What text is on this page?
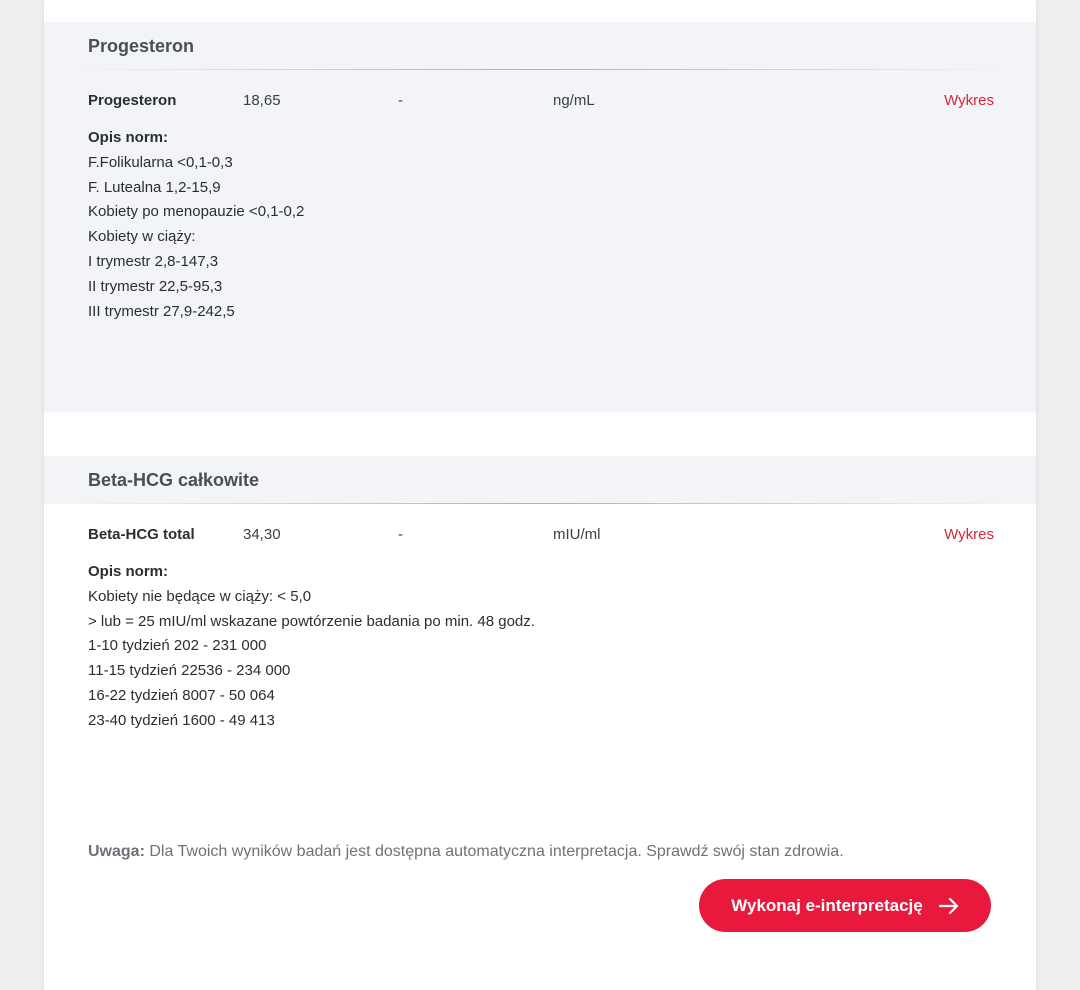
Progesteron
Progesteron	18,65	-	ng/mL	Wykres
Opis norm:
F.Folikularna <0,1-0,3
F. Lutealna 1,2-15,9
Kobiety po menopauzie <0,1-0,2
Kobiety w ciąży:
I trymestr 2,8-147,3
II trymestr 22,5-95,3
III trymestr 27,9-242,5
Beta-HCG całkowite
Beta-HCG total	34,30	-	mIU/ml	Wykres
Opis norm:
Kobiety nie będące w ciąży: < 5,0
> lub = 25 mIU/ml wskazane powtórzenie badania po min. 48 godz.
1-10 tydzień 202 - 231 000
11-15 tydzień 22536 - 234 000
16-22 tydzień 8007 - 50 064
23-40 tydzień 1600 - 49 413
Uwaga: Dla Twoich wyników badań jest dostępna automatyczna interpretacja. Sprawdź swój stan zdrowia.
Wykonaj e-interpretację
